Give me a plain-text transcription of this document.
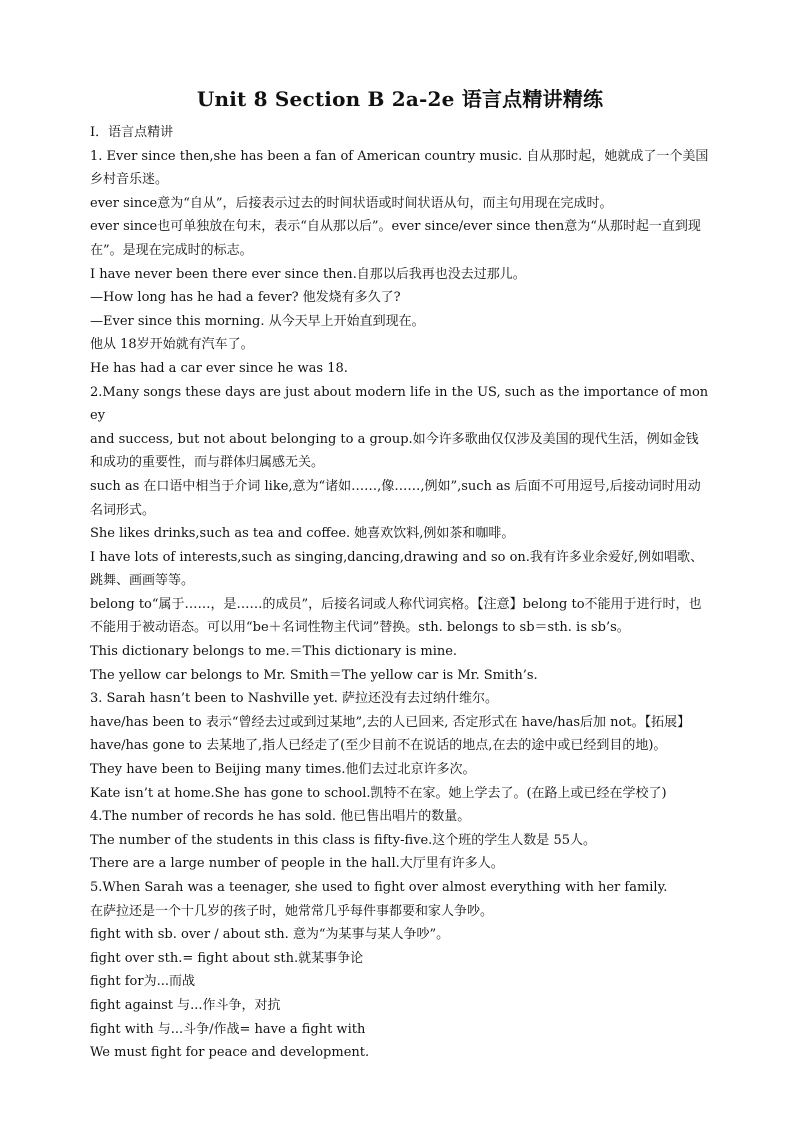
Unit 8 Section B 2a-2e 语言点精讲精练

I．语言点精讲

1. Ever since then,she has been a fan of American country music. 自从那时起，她就成了一个美国乡村音乐迷。

ever since意为“自从”，后接表示过去的时间状语或时间状语从句，而主句用现在完成时。

ever since也可单独放在句末，表示“自从那以后”。ever since/ever since then意为“从那时起一直到现在”。是现在完成时的标志。

I have never been there ever since then.自那以后我再也没去过那儿。

—How long has he had a fever? 他发烧有多久了?

—Ever since this morning. 从今天早上开始直到现在。

他从 18岁开始就有汽车了。

He has had a car ever since he was 18.

2.Many songs these days are just about modern life in the US, such as the importance of money

and success, but not about belonging to a group.如今许多歌曲仅仅涉及美国的现代生活，例如金钱和成功的重要性，而与群体归属感无关。

such as 在口语中相当于介词 like,意为“诸如……,像……,例如”,such as 后面不可用逗号,后接动词时用动名词形式。

She likes drinks,such as tea and coffee. 她喜欢饮料,例如茶和咖啡。

I have lots of interests,such as singing,dancing,drawing and so on.我有许多业余爱好,例如唱歌、跳舞、画画等等。

belong to“属于……，是……的成员”，后接名词或人称代词宾格。【注意】belong to不能用于进行时，也不能用于被动语态。可以用“be＋名词性物主代词”替换。sth. belongs to sb＝sth. is sb’s。

This dictionary belongs to me.＝This dictionary is mine.

The yellow car belongs to Mr. Smith＝The yellow car is Mr. Smith’s.

3. Sarah hasn’t been to Nashville yet. 萨拉还没有去过纳什维尔。

have/has been to 表示“曾经去过或到过某地”,去的人已回来, 否定形式在 have/has后加 not。【拓展】

have/has gone to 去某地了,指人已经走了(至少目前不在说话的地点,在去的途中或已经到目的地)。

They have been to Beijing many times.他们去过北京许多次。

Kate isn’t at home.She has gone to school.凯特不在家。她上学去了。(在路上或已经在学校了)

4.The number of records he has sold. 他已售出唱片的数量。

The number of the students in this class is fifty-five.这个班的学生人数是 55人。

There are a large number of people in the hall.大厅里有许多人。

5.When Sarah was a teenager, she used to fight over almost everything with her family.

在萨拉还是一个十几岁的孩子时，她常常几乎每件事都要和家人争吵。

fight with sb. over / about sth. 意为“为某事与某人争吵”。

fight over sth.= fight about sth.就某事争论

fight for为...而战

fight against 与...作斗争，对抗

fight with 与...斗争/作战= have a fight with

We must fight for peace and development.
